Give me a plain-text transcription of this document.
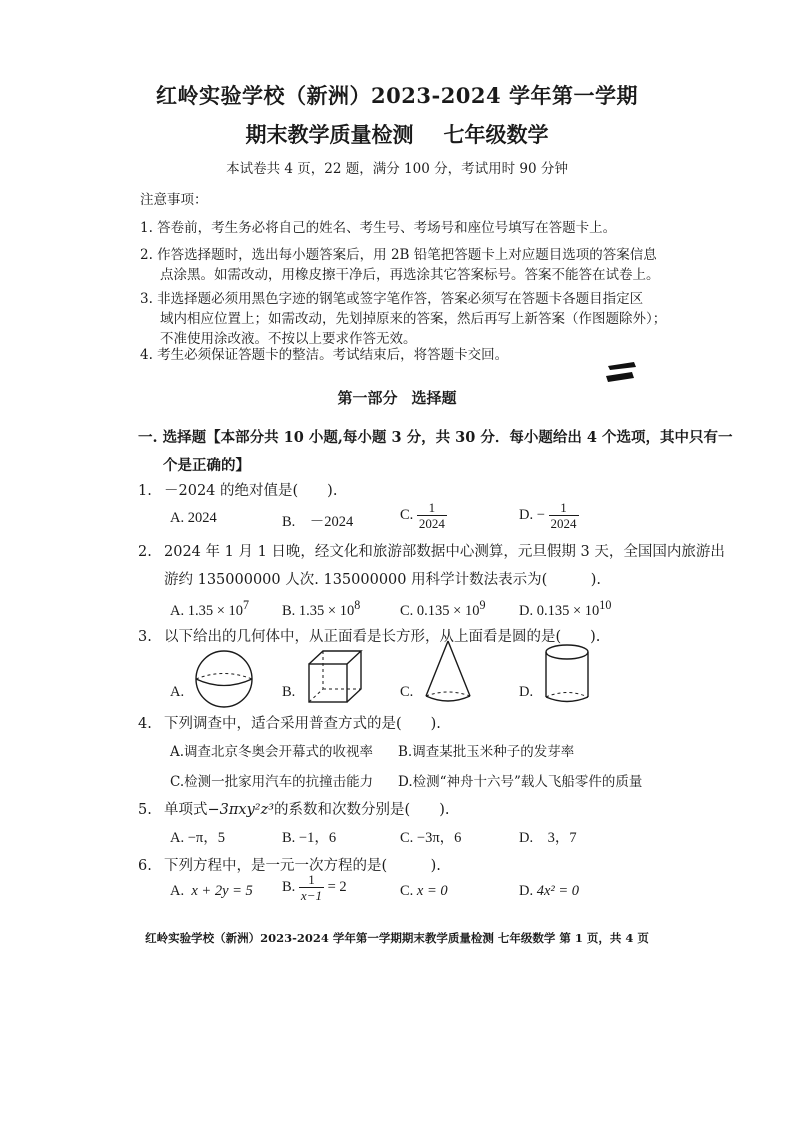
红岭实验学校（新洲）2023-2024 学年第一学期
期末教学质量检测 七年级数学
本试卷共 4 页，22 题，满分 100 分，考试用时 90 分钟
注意事项：
1. 答卷前，考生务必将自己的姓名、考生号、考场号和座位号填写在答题卡上。
2. 作答选择题时，选出每小题答案后，用 2B 铅笔把答题卡上对应题目选项的答案信息
点涂黑。如需改动，用橡皮擦干净后，再选涂其它答案标号。答案不能答在试卷上。
3. 非选择题必须用黑色字迹的钢笔或签字笔作答，答案必须写在答题卡各题目指定区
域内相应位置上；如需改动，先划掉原来的答案，然后再写上新答案（作图题除外）；
不准使用涂改液。不按以上要求作答无效。
4. 考生必须保证答题卡的整洁。考试结束后，将答题卡交回。
第一部分 选择题
一. 选择题【本部分共 10 小题,每小题 3 分，共 30 分．每小题给出 4 个选项，其中只有一
个是正确的】
1. －2024 的绝对值是(　　).
A. 2024	B.　－2024	C. $\frac{1}{2024}$	D. − $\frac{1}{2024}$
2. 2024 年 1 月 1 日晚，经文化和旅游部数据中心测算，元旦假期 3 天，全国国内旅游出
游约 135000000 人次. 135000000 用科学计数法表示为(　　　).
A. $1.35 \times 10^7$ B. $1.35 \times 10^8$	C. $0.135 \times 10^9$ D. $0.135 \times 10^{10}$
3. 以下给出的几何体中，从正面看是长方形，从上面看是圆的是(　　).
A.	B.	C.	D.
4. 下列调查中，适合采用普查方式的是(　　).
A.调查北京冬奥会开幕式的收视率 B.调查某批玉米种子的发芽率
C.检测一批家用汽车的抗撞击能力 D.检测“神舟十六号”载人飞船零件的质量
5. 单项式−3πxy²z³的系数和次数分别是(　　).
A. −π，5	B. −1，6	C. −3π，6	D.　3，7
6. 下列方程中，是一元一次方程的是(　　　).
A. x + 2y = 5 B. $\frac{1}{x-1} = 2$	C. x = 0	D. 4x² = 0
红岭实验学校（新洲）2023-2024 学年第一学期期末教学质量检测 七年级数学 第 1 页，共 4 页
